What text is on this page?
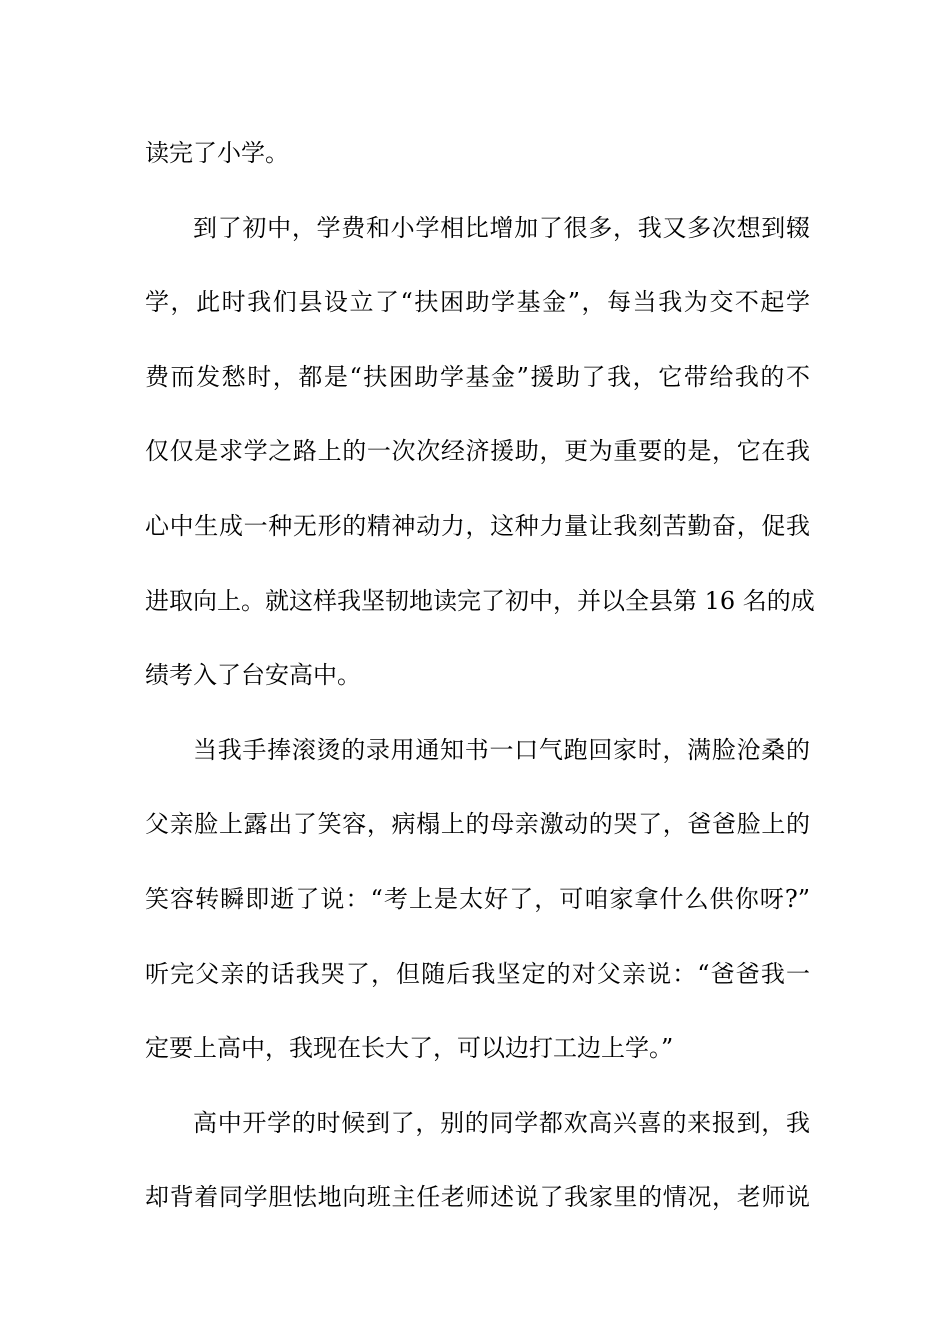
读完了小学。
到了初中，学费和小学相比增加了很多，我又多次想到辍
学，此时我们县设立了“扶困助学基金”，每当我为交不起学
费而发愁时，都是“扶困助学基金”援助了我，它带给我的不
仅仅是求学之路上的一次次经济援助，更为重要的是，它在我
心中生成一种无形的精神动力，这种力量让我刻苦勤奋，促我
进取向上。就这样我坚韧地读完了初中，并以全县第 16 名的成
绩考入了台安高中。
当我手捧滚烫的录用通知书一口气跑回家时，满脸沧桑的
父亲脸上露出了笑容，病榻上的母亲激动的哭了，爸爸脸上的
笑容转瞬即逝了说：“考上是太好了，可咱家拿什么供你呀?”
听完父亲的话我哭了，但随后我坚定的对父亲说：“爸爸我一
定要上高中，我现在长大了，可以边打工边上学。”
高中开学的时候到了，别的同学都欢高兴喜的来报到，我
却背着同学胆怯地向班主任老师述说了我家里的情况，老师说
